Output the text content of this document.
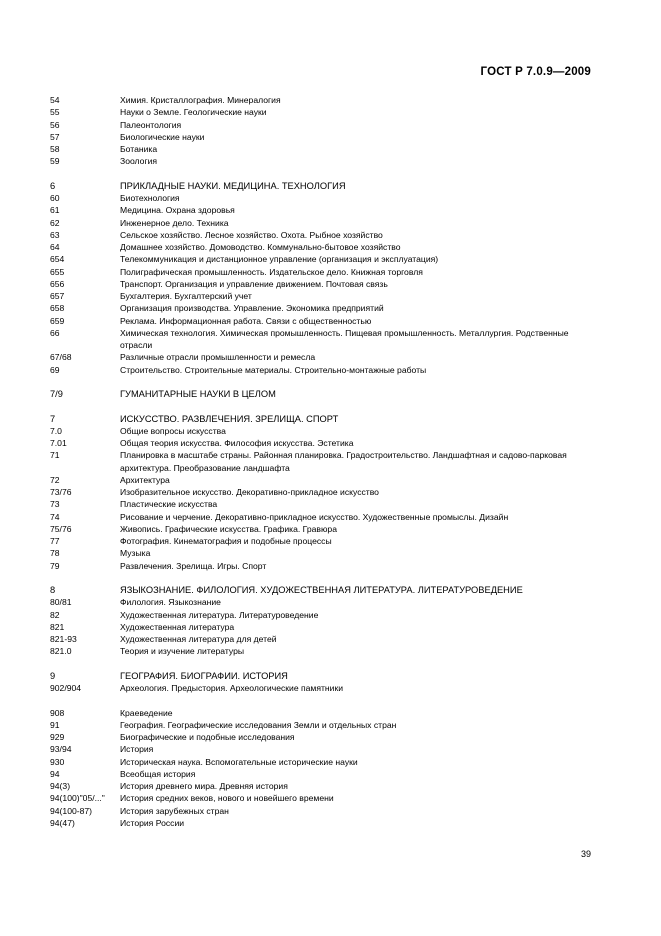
ГОСТ Р 7.0.9—2009
54	Химия. Кристаллография. Минералогия
55	Науки о Земле. Геологические науки
56	Палеонтология
57	Биологические науки
58	Ботаника
59	Зоология
6	ПРИКЛАДНЫЕ НАУКИ. МЕДИЦИНА. ТЕХНОЛОГИЯ
60	Биотехнология
61	Медицина. Охрана здоровья
62	Инженерное дело. Техника
63	Сельское хозяйство. Лесное хозяйство. Охота. Рыбное хозяйство
64	Домашнее хозяйство. Домоводство. Коммунально-бытовое хозяйство
654	Телекоммуникация и дистанционное управление (организация и эксплуатация)
655	Полиграфическая промышленность. Издательское дело. Книжная торговля
656	Транспорт. Организация и управление движением. Почтовая связь
657	Бухгалтерия. Бухгалтерский учет
658	Организация производства. Управление. Экономика предприятий
659	Реклама. Информационная работа. Связи с общественностью
66	Химическая технология. Химическая промышленность. Пищевая промышленность. Металлургия. Родственные отрасли
67/68	Различные отрасли промышленности и ремесла
69	Строительство. Строительные материалы. Строительно-монтажные работы
7/9	ГУМАНИТАРНЫЕ НАУКИ В ЦЕЛОМ
7	ИСКУССТВО. РАЗВЛЕЧЕНИЯ. ЗРЕЛИЩА. СПОРТ
7.0	Общие вопросы искусства
7.01	Общая теория искусства. Философия искусства. Эстетика
71	Планировка в масштабе страны. Районная планировка. Градостроительство. Ландшафтная и садово-парковая архитектура. Преобразование ландшафта
72	Архитектура
73/76	Изобразительное искусство. Декоративно-прикладное искусство
73	Пластические искусства
74	Рисование и черчение. Декоративно-прикладное искусство. Художественные промыслы. Дизайн
75/76	Живопись. Графические искусства. Графика. Гравюра
77	Фотография. Кинематография и подобные процессы
78	Музыка
79	Развлечения. Зрелища. Игры. Спорт
8	ЯЗЫКОЗНАНИЕ. ФИЛОЛОГИЯ. ХУДОЖЕСТВЕННАЯ ЛИТЕРАТУРА. ЛИТЕРАТУРОВЕДЕНИЕ
80/81	Филология. Языкознание
82	Художественная литература. Литературоведение
821	Художественная литература
821-93	Художественная литература для детей
821.0	Теория и изучение литературы
9	ГЕОГРАФИЯ. БИОГРАФИИ. ИСТОРИЯ
902/904	Археология. Предыстория. Археологические памятники
908	Краеведение
91	География. Географические исследования Земли и отдельных стран
929	Биографические и подобные исследования
93/94	История
930	Историческая наука. Вспомогательные исторические науки
94	Всеобщая история
94(3)	История древнего мира. Древняя история
94(100)"05/..."	История средних веков, нового и новейшего времени
94(100-87)	История зарубежных стран
94(47)	История России
39
